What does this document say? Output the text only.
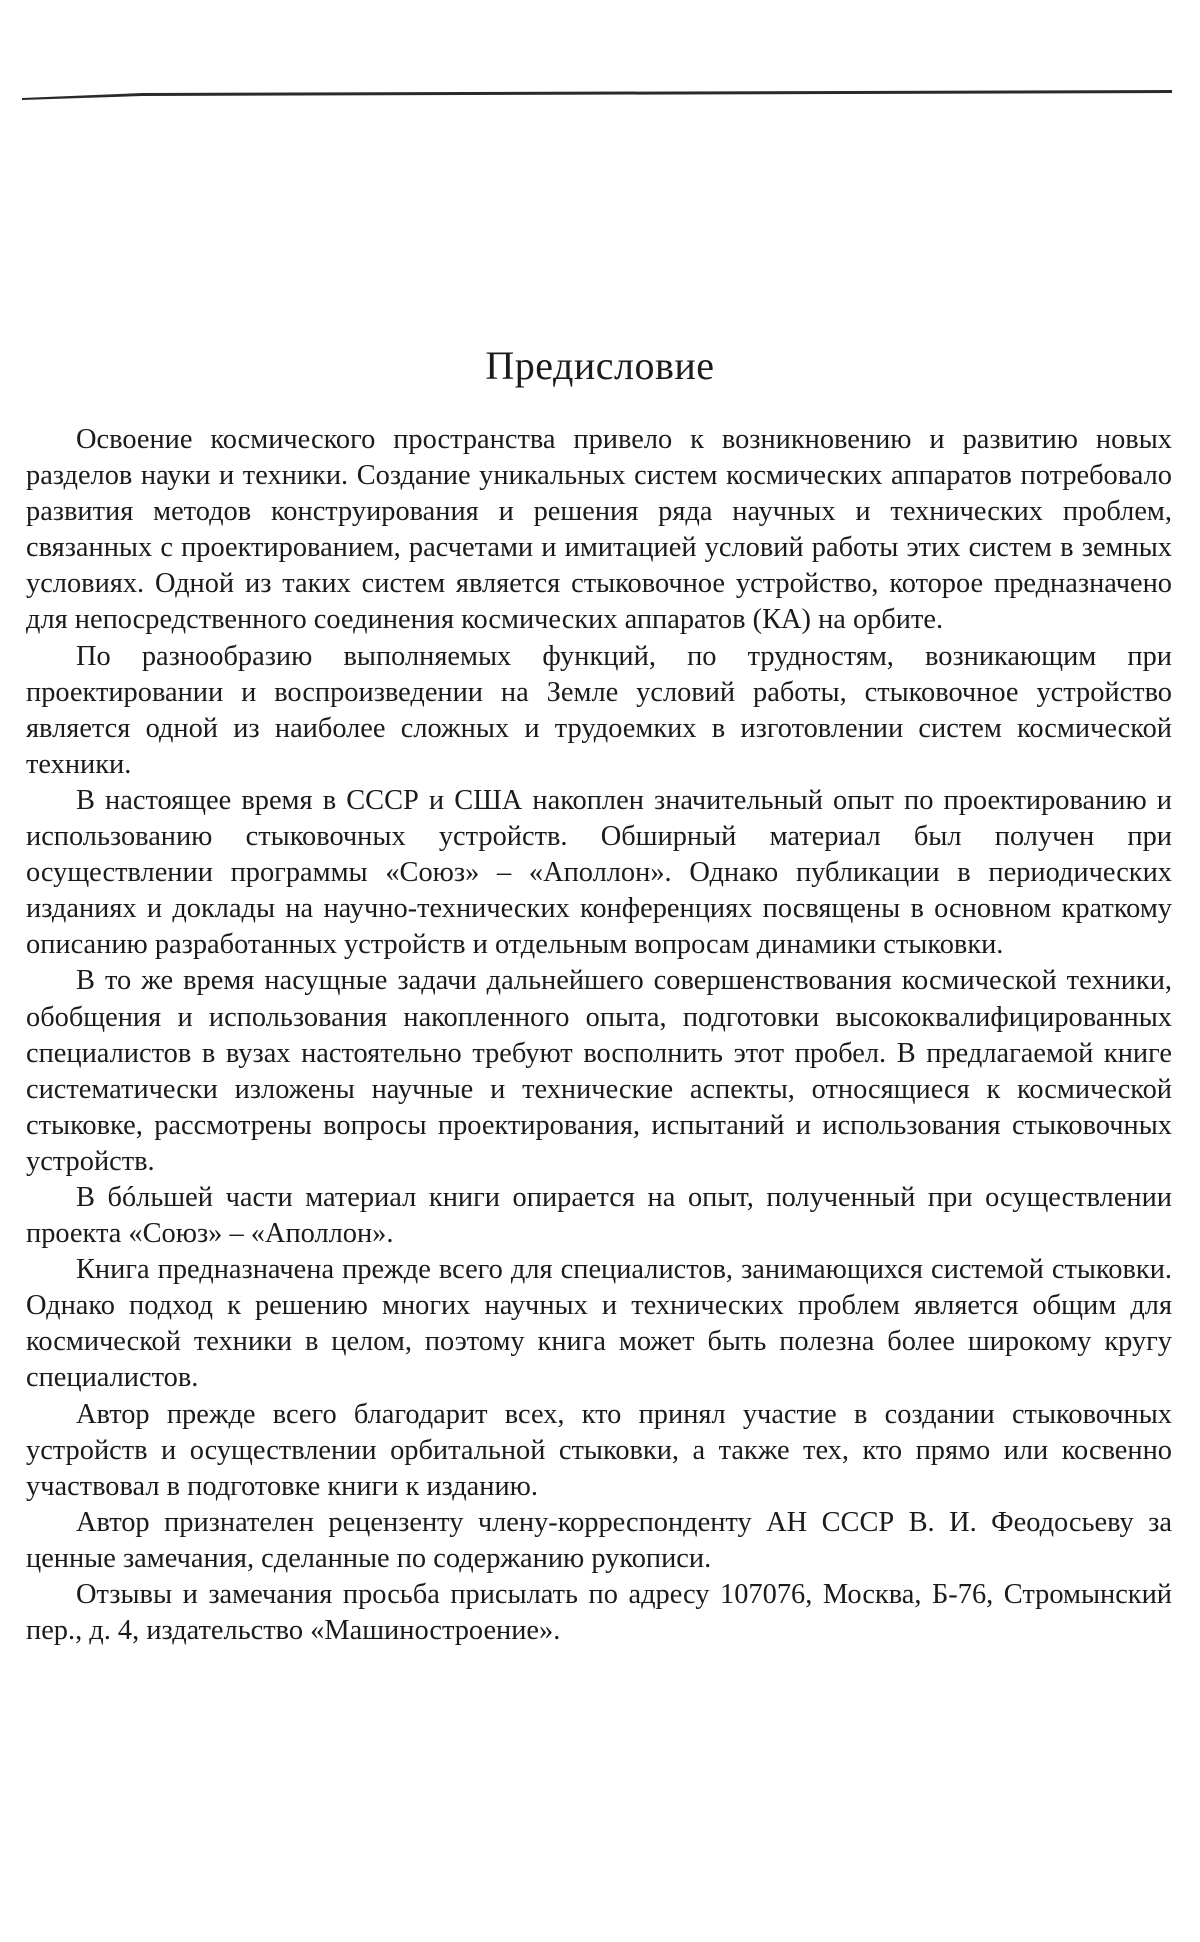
Предисловие

Освоение космического пространства привело к возникновению и развитию новых разделов науки и техники. Создание уникальных систем космических аппаратов потребовало развития методов конструирования и решения ряда научных и технических проблем, связанных с проектированием, расчетами и имитацией условий работы этих систем в земных условиях. Одной из таких систем является стыковочное устройство, которое предназначено для непосредственного соединения космических аппаратов (КА) на орбите.

По разнообразию выполняемых функций, по трудностям, возникающим при проектировании и воспроизведении на Земле условий работы, стыковочное устройство является одной из наиболее сложных и трудоемких в изготовлении систем космической техники.

В настоящее время в СССР и США накоплен значительный опыт по проектированию и использованию стыковочных устройств. Обширный материал был получен при осуществлении программы «Союз» – «Аполлон». Однако публикации в периодических изданиях и доклады на научно-технических конференциях посвящены в основном краткому описанию разработанных устройств и отдельным вопросам динамики стыковки.

В то же время насущные задачи дальнейшего совершенствования космической техники, обобщения и использования накопленного опыта, подготовки высококвалифицированных специалистов в вузах настоятельно требуют восполнить этот пробел. В предлагаемой книге систематически изложены научные и технические аспекты, относящиеся к космической стыковке, рассмотрены вопросы проектирования, испытаний и использования стыковочных устройств.

В бóльшей части материал книги опирается на опыт, полученный при осуществлении проекта «Союз» – «Аполлон».

Книга предназначена прежде всего для специалистов, занимающихся системой стыковки. Однако подход к решению многих научных и технических проблем является общим для космической техники в целом, поэтому книга может быть полезна более широкому кругу специалистов.

Автор прежде всего благодарит всех, кто принял участие в создании стыковочных устройств и осуществлении орбитальной стыковки, а также тех, кто прямо или косвенно участвовал в подготовке книги к изданию.

Автор признателен рецензенту члену-корреспонденту АН СССР В. И. Феодосьеву за ценные замечания, сделанные по содержанию рукописи.

Отзывы и замечания просьба присылать по адресу 107076, Москва, Б-76, Стромынский пер., д. 4, издательство «Машиностроение».
